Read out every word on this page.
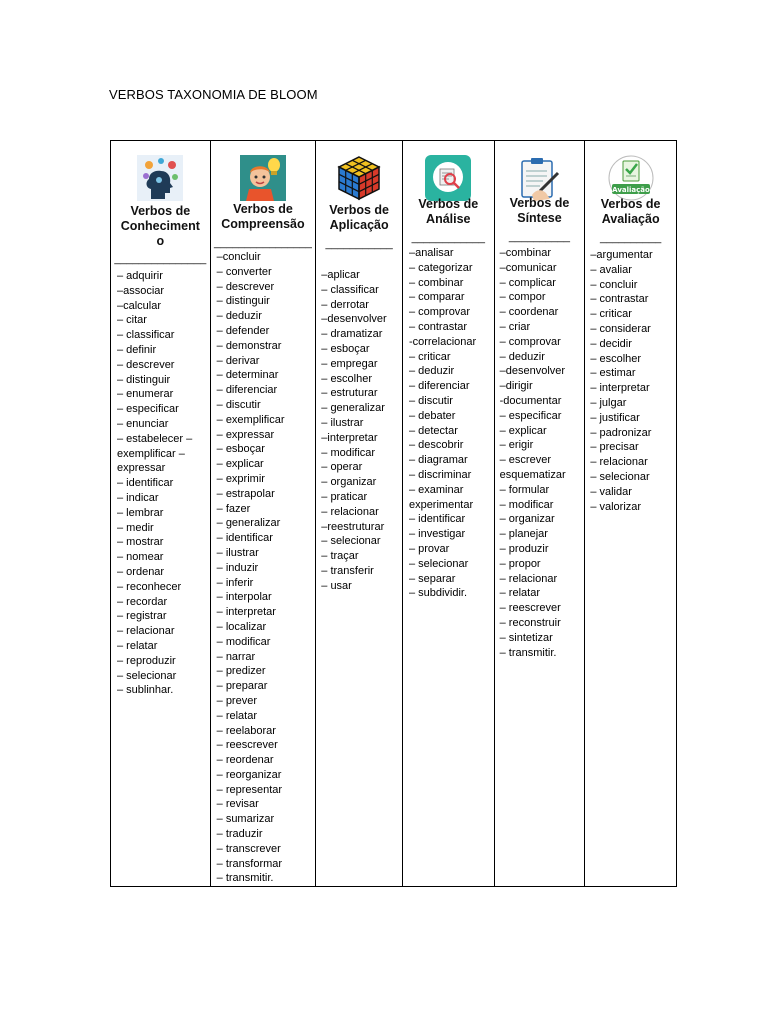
VERBOS TAXONOMIA DE BLOOM
Verbos de
Conheciment
o
_______________
– adquirir
–associar
–calcular
– citar
– classificar
– definir
– descrever
– distinguir
– enumerar
– especificar
– enunciar
– estabelecer –
exemplificar –
expressar
– identificar
– indicar
– lembrar
– medir
– mostrar
– nomear
– ordenar
– reconhecer
– recordar
– registrar
– relacionar
– relatar
– reproduzir
– selecionar
– sublinhar.
Verbos de
Compreensão
________________
–concluir
– converter
– descrever
– distinguir
– deduzir
– defender
– demonstrar
– derivar
– determinar
– diferenciar
– discutir
– exemplificar
– expressar
– esboçar
– explicar
– exprimir
– estrapolar
– fazer
– generalizar
– identificar
– ilustrar
– induzir
– inferir
– interpolar
– interpretar
– localizar
– modificar
– narrar
– predizer
– preparar
– prever
– relatar
– reelaborar
– reescrever
– reordenar
– reorganizar
– representar
– revisar
– sumarizar
– traduzir
– transcrever
– transformar
– transmitir.
Verbos de
Aplicação
___________
–aplicar
– classificar
– derrotar
–desenvolver
– dramatizar
– esboçar
– empregar
– escolher
– estruturar
– generalizar
– ilustrar
–interpretar
– modificar
– operar
– organizar
– praticar
– relacionar
–reestruturar
– selecionar
– traçar
– transferir
– usar
Verbos de
Análise
____________
–analisar
– categorizar
– combinar
– comparar
– comprovar
– contrastar
-correlacionar
– criticar
– deduzir
– diferenciar
– discutir
– debater
– detectar
– descobrir
– diagramar
– discriminar
– examinar
experimentar
– identificar
– investigar
– provar
– selecionar
– separar
– subdividir.
Verbos de
Síntese
__________
–combinar
–comunicar
– complicar
– compor
– coordenar
– criar
– comprovar
– deduzir
–desenvolver
–dirigir
-documentar
– especificar
– explicar
– erigir
– escrever
esquematizar
– formular
– modificar
– organizar
– planejar
– produzir
– propor
– relacionar
– relatar
– reescrever
– reconstruir
– sintetizar
– transmitir.
Avaliação
Verbos de
Avaliação
__________
–argumentar
– avaliar
– concluir
– contrastar
– criticar
– considerar
– decidir
– escolher
– estimar
– interpretar
– julgar
– justificar
– padronizar
– precisar
– relacionar
– selecionar
– validar
– valorizar
